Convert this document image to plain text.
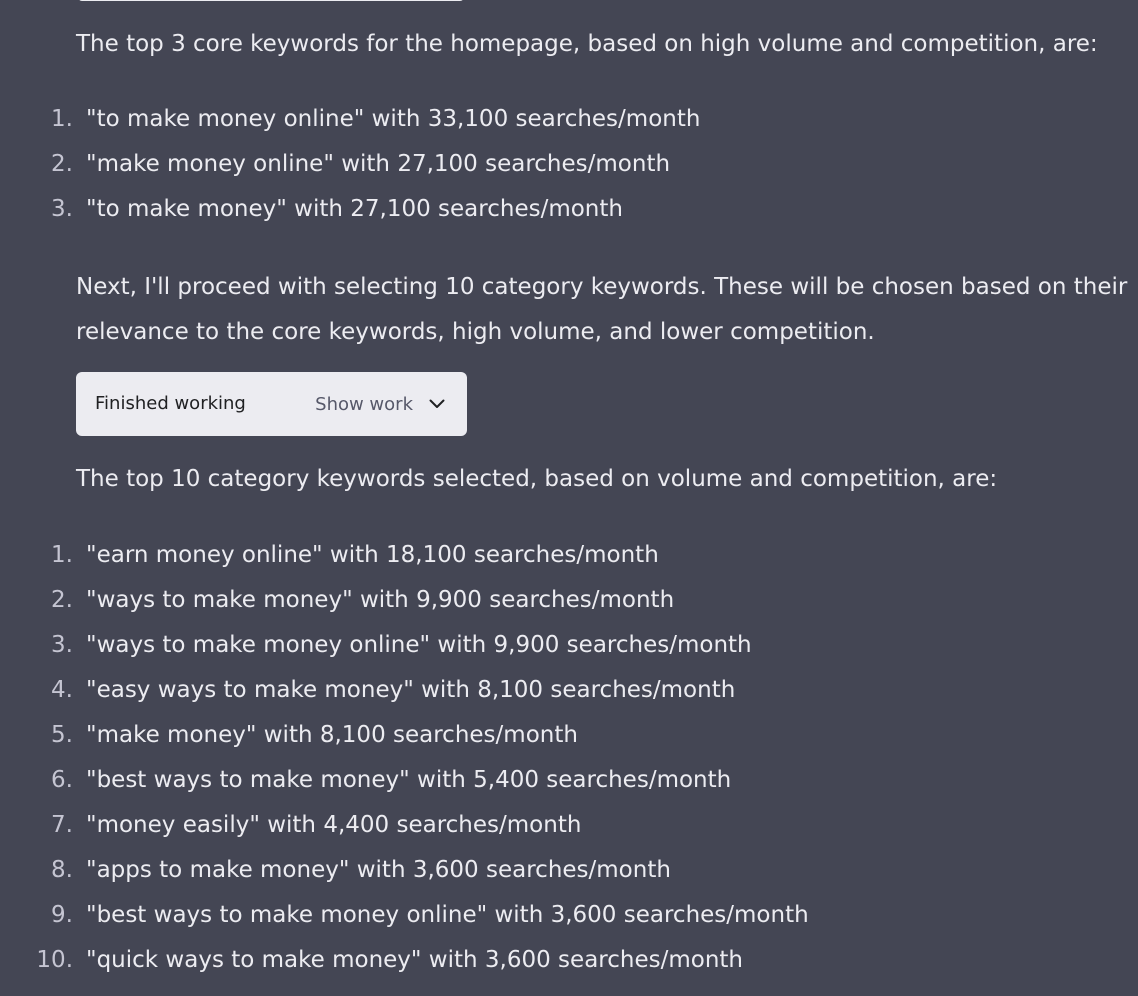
The top 3 core keywords for the homepage, based on high volume and competition, are:

1. "to make money online" with 33,100 searches/month
2. "make money online" with 27,100 searches/month
3. "to make money" with 27,100 searches/month
Next, I'll proceed with selecting 10 category keywords. These will be chosen based on their
relevance to the core keywords, high volume, and lower competition.
Finished working	Show work

The top 10 category keywords selected, based on volume and competition, are:

1. "earn money online" with 18,100 searches/month
2. "ways to make money" with 9,900 searches/month
3. "ways to make money online" with 9,900 searches/month
4. "easy ways to make money" with 8,100 searches/month
5. "make money" with 8,100 searches/month
6. "best ways to make money" with 5,400 searches/month
7. "money easily" with 4,400 searches/month
8. "apps to make money" with 3,600 searches/month
9. "best ways to make money online" with 3,600 searches/month
10. "quick ways to make money" with 3,600 searches/month
